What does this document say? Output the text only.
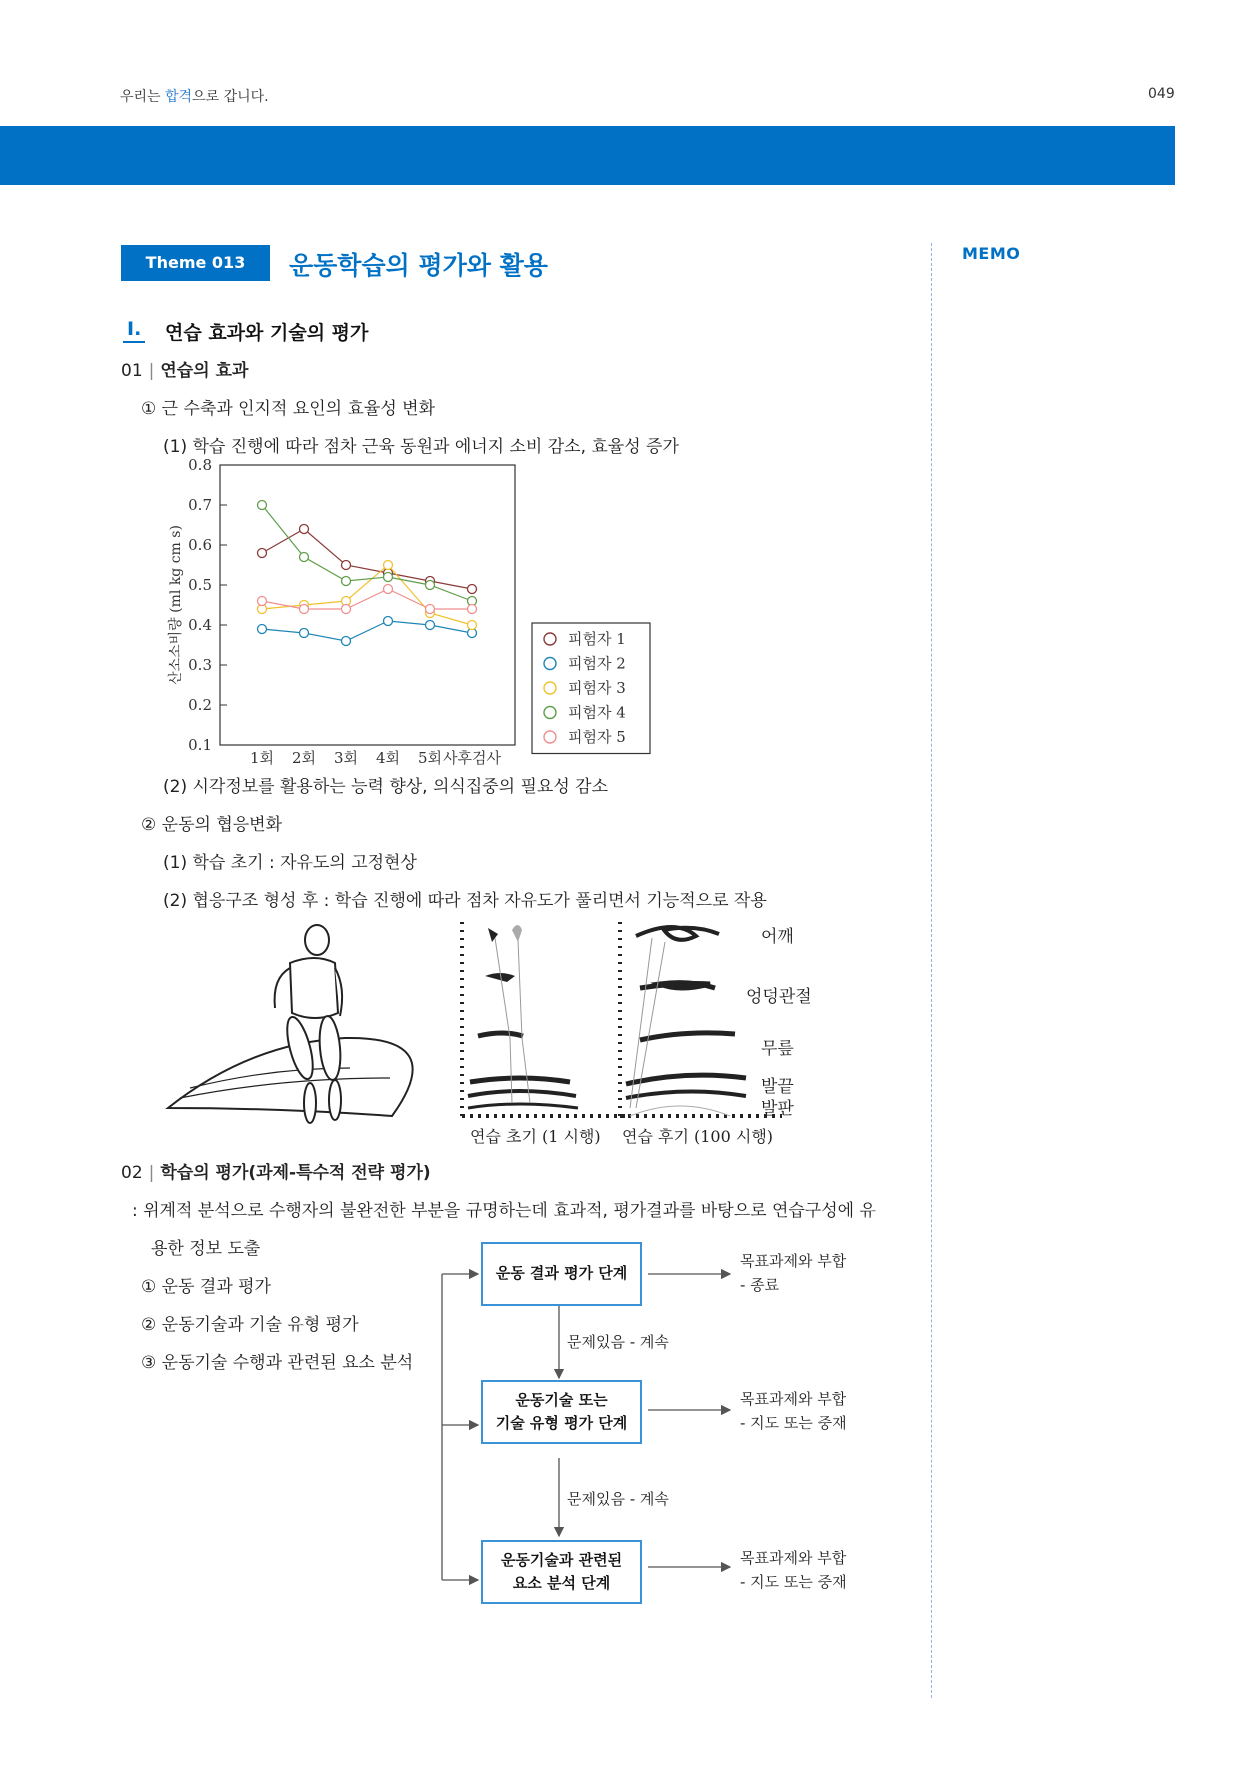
우리는 합격으로 갑니다.	049
MEMO
Theme 013	운동학습의 평가와 활용
Ⅰ. 연습 효과와 기술의 평가
01 | 연습의 효과
① 근 수축과 인지적 요인의 효율성 변화
(1) 학습 진행에 따라 점차 근육 동원과 에너지 소비 감소, 효율성 증가
0.1
0.2
0.3
0.4
0.5
0.6
0.7
0.8
1회 2회 3회 4회 5회 사후검사
산소소비량 (ml kg cm s)	피험자 1
피험자 2
피험자 3
피험자 4
피험자 5
(2) 시각정보를 활용하는 능력 향상, 의식집중의 필요성 감소
② 운동의 협응변화
(1) 학습 초기 : 자유도의 고정현상
(2) 협응구조 형성 후 : 학습 진행에 따라 점차 자유도가 풀리면서 기능적으로 작용
어깨
엉덩관절
무릎
발끝
발판
연습 초기 (1 시행) 연습 후기 (100 시행)
02 | 학습의 평가(과제-특수적 전략 평가)
: 위계적 분석으로 수행자의 불완전한 부분을 규명하는데 효과적, 평가결과를 바탕으로 연습구성에 유
용한 정보 도출
① 운동 결과 평가
② 운동기술과 기술 유형 평가
③ 운동기술 수행과 관련된 요소 분석
운동 결과 평가 단계
운동기술 또는
기술 유형 평가 단계
운동기술과 관련된
요소 분석 단계
문제있음 - 계속
문제있음 - 계속
목표과제와 부합
- 종료
목표과제와 부합
- 지도 또는 중재
목표과제와 부합
- 지도 또는 중재
